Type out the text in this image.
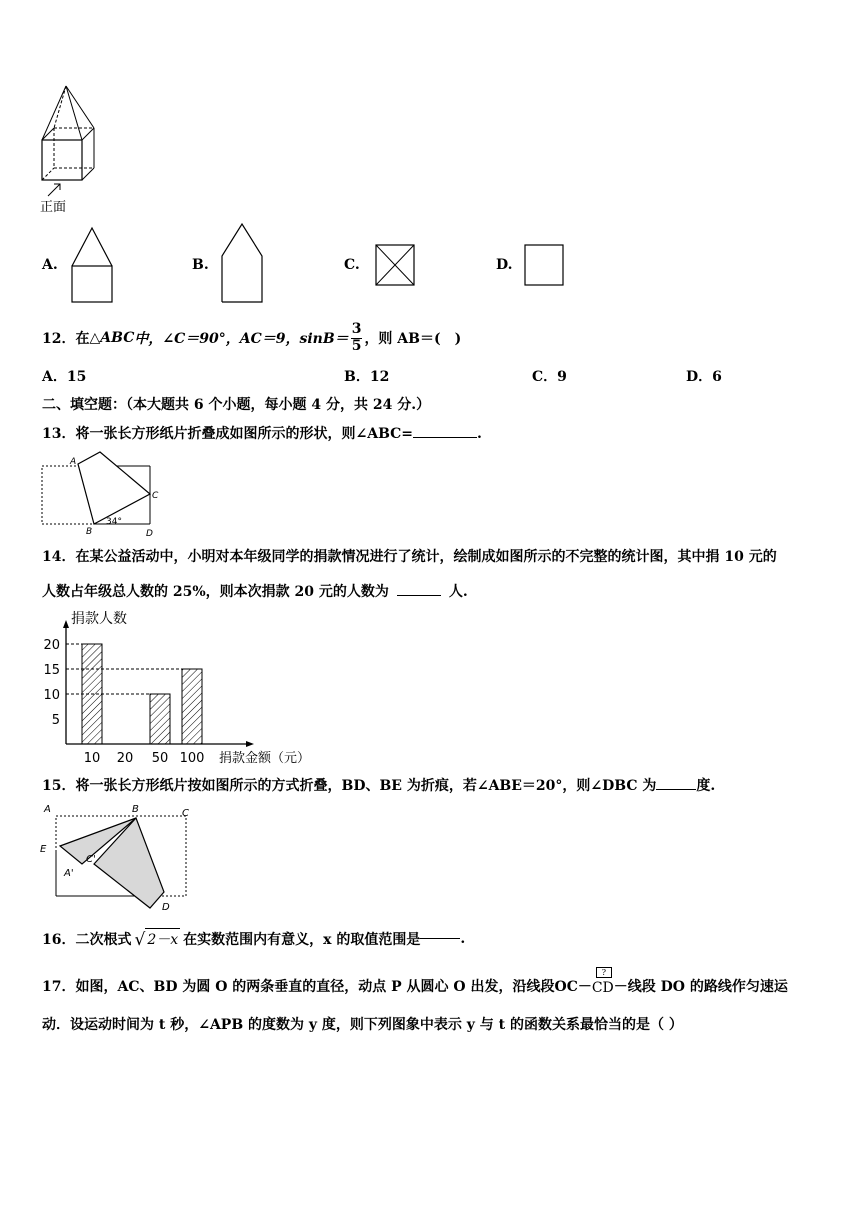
正面
A.	B.	C.	D.
12．在 △ABC 中，∠C＝90°，AC＝9，$\sin B= \frac{3}{5}$ ，则 AB＝(　)
A．15	B．12	C．9	D．6
二、填空题：（本大题共 6 个小题，每小题 4 分，共 24 分.）
13．将一张长方形纸片折叠成如图所示的形状，则∠ABC=	.
A
C
B	D
34°
14．在某公益活动中，小明对本年级同学的捐款情况进行了统计，绘制成如图所示的不完整的统计图，其中捐 10 元的
人数占年级总人数的 25%，则本次捐款 20 元的人数为	人.
捐款人数
5
10
15
20
10 20 50 100 捐款金额（元）
15．将一张长方形纸片按如图所示的方式折叠，BD、BE 为折痕，若∠ABE＝20°，则∠DBC 为	度.
A	B	C
E
A'
C'
D
16．二次根式 √ 2－x 在实数范围内有意义，x 的取值范围是	.
17．如图，AC、BD 为圆 O 的两条垂直的直径，动点 P 从圆心 O 出发，沿线段OC－
?
CD －线段 DO 的路线作匀速运
动．设运动时间为 t 秒，∠APB 的度数为 y 度，则下列图象中表示 y 与 t 的函数关系最恰当的是（ ）
